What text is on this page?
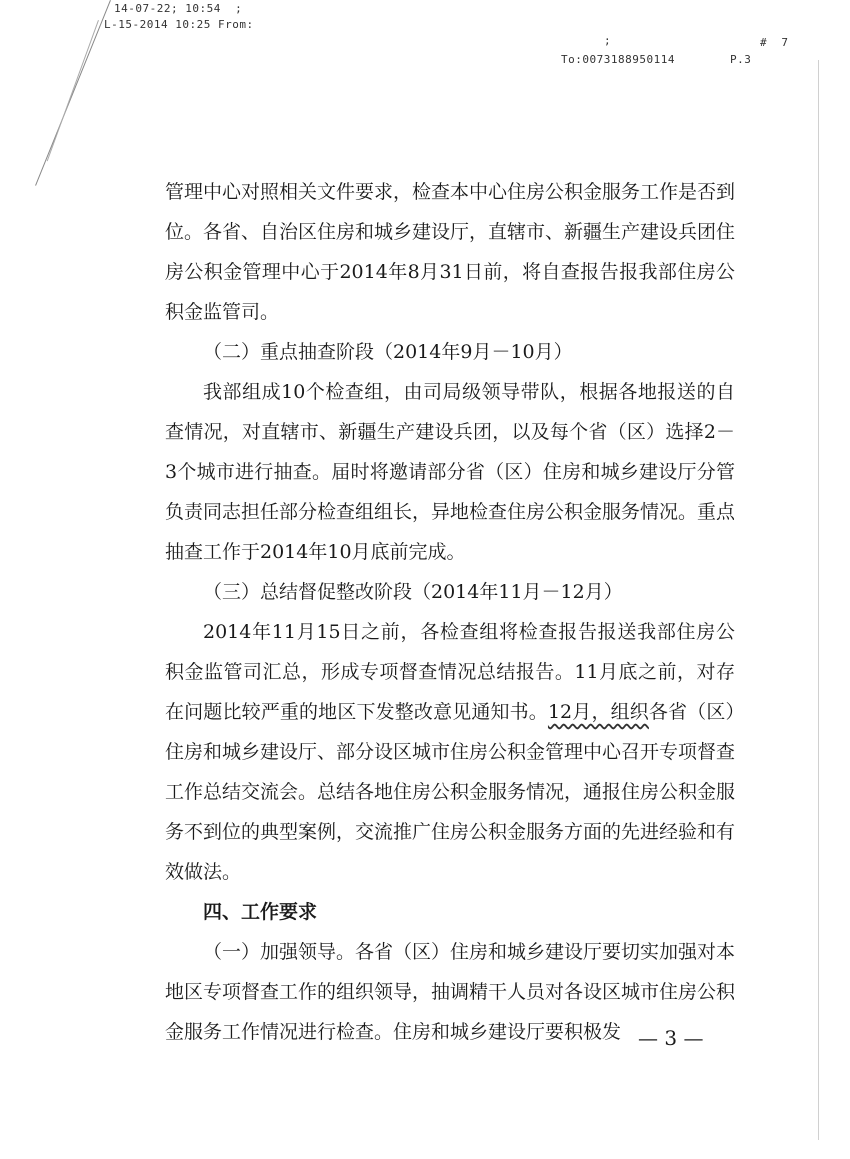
14-07-22; 10:54  ;
L-15-2014 10:25 From:
;	#  7
To:0073188950114	P.3

管理中心对照相关文件要求，检查本中心住房公积金服务工作是否到位。各省、自治区住房和城乡建设厅，直辖市、新疆生产建设兵团住房公积金管理中心于2014年8月31日前，将自查报告报我部住房公积金监管司。

（二）重点抽查阶段（2014年9月－10月）

我部组成10个检查组，由司局级领导带队，根据各地报送的自查情况，对直辖市、新疆生产建设兵团，以及每个省（区）选择2－3个城市进行抽查。届时将邀请部分省（区）住房和城乡建设厅分管负责同志担任部分检查组组长，异地检查住房公积金服务情况。重点抽查工作于2014年10月底前完成。

（三）总结督促整改阶段（2014年11月－12月）

2014年11月15日之前，各检查组将检查报告报送我部住房公积金监管司汇总，形成专项督查情况总结报告。11月底之前，对存在问题比较严重的地区下发整改意见通知书。12月，组织各省（区）住房和城乡建设厅、部分设区城市住房公积金管理中心召开专项督查工作总结交流会。总结各地住房公积金服务情况，通报住房公积金服务不到位的典型案例，交流推广住房公积金服务方面的先进经验和有效做法。

四、工作要求

（一）加强领导。各省（区）住房和城乡建设厅要切实加强对本地区专项督查工作的组织领导，抽调精干人员对各设区城市住房公积金服务工作情况进行检查。住房和城乡建设厅要积极发 — 3 —
